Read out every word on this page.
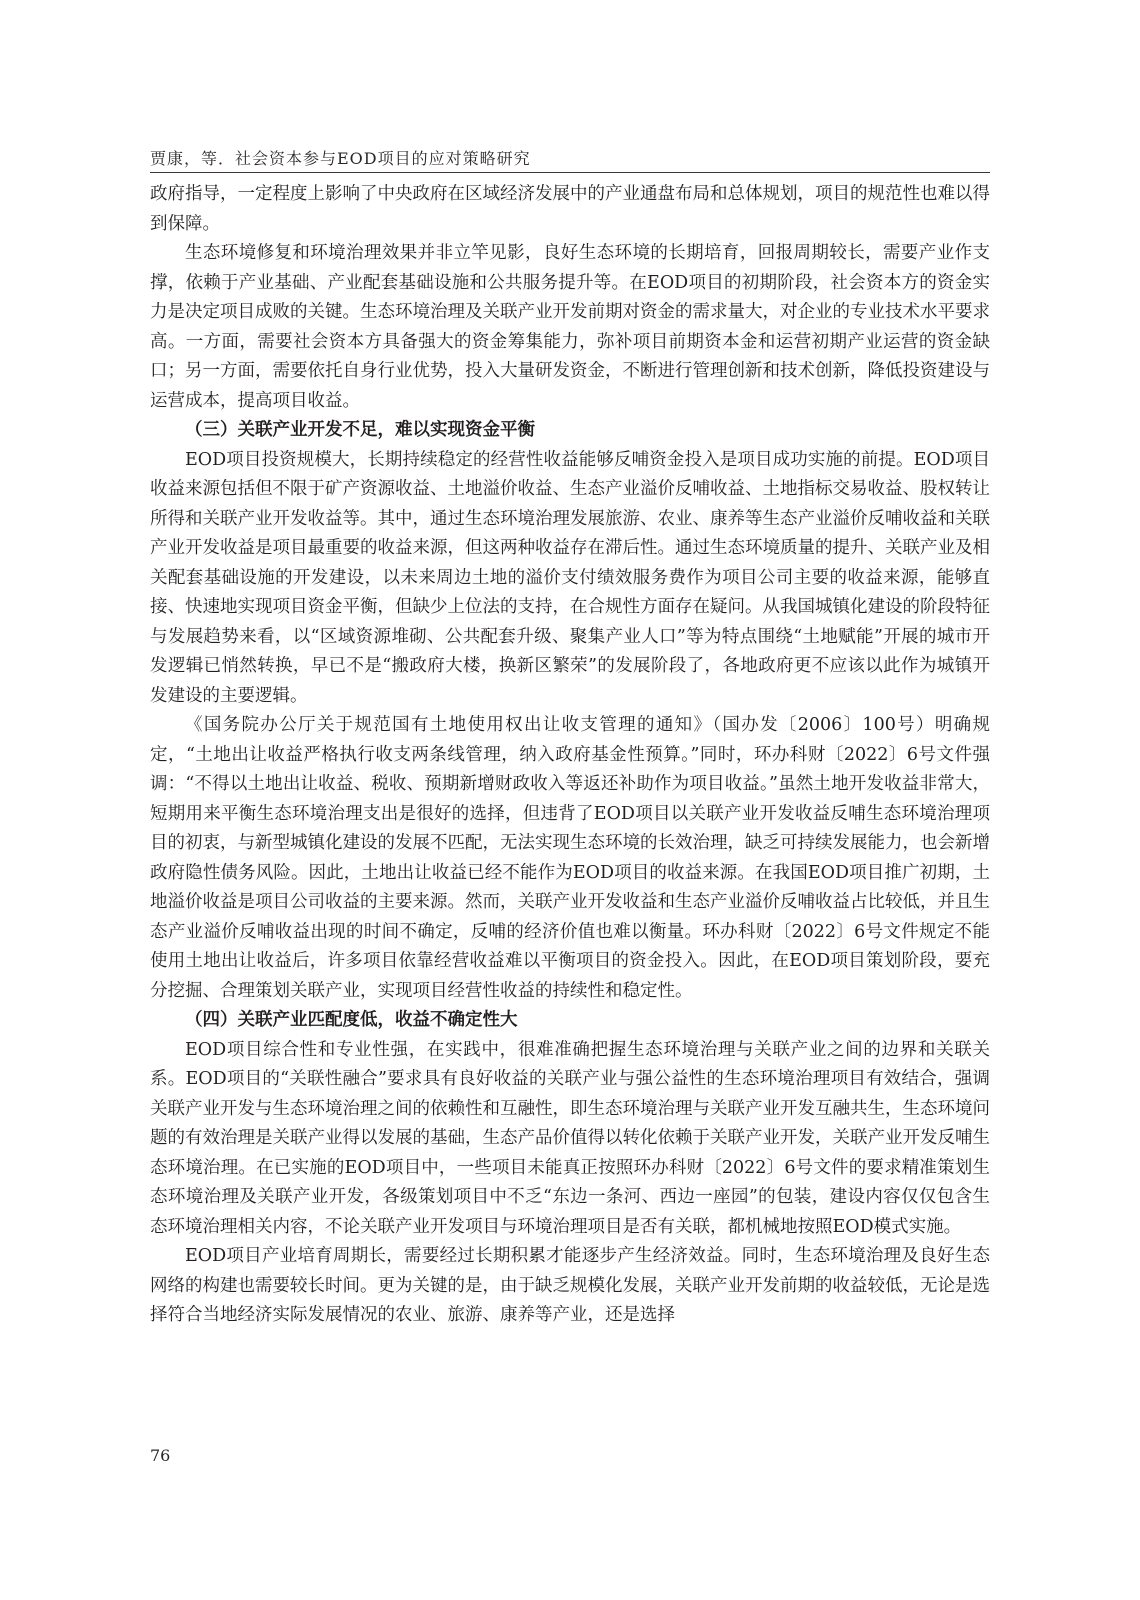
贾康，等．社会资本参与EOD项目的应对策略研究

政府指导，一定程度上影响了中央政府在区域经济发展中的产业通盘布局和总体规划，项目的规范性也难以得到保障。

生态环境修复和环境治理效果并非立竿见影，良好生态环境的长期培育，回报周期较长，需要产业作支撑，依赖于产业基础、产业配套基础设施和公共服务提升等。在EOD项目的初期阶段，社会资本方的资金实力是决定项目成败的关键。生态环境治理及关联产业开发前期对资金的需求量大，对企业的专业技术水平要求高。一方面，需要社会资本方具备强大的资金筹集能力，弥补项目前期资本金和运营初期产业运营的资金缺口；另一方面，需要依托自身行业优势，投入大量研发资金，不断进行管理创新和技术创新，降低投资建设与运营成本，提高项目收益。

（三）关联产业开发不足，难以实现资金平衡

EOD项目投资规模大，长期持续稳定的经营性收益能够反哺资金投入是项目成功实施的前提。EOD项目收益来源包括但不限于矿产资源收益、土地溢价收益、生态产业溢价反哺收益、土地指标交易收益、股权转让所得和关联产业开发收益等。其中，通过生态环境治理发展旅游、农业、康养等生态产业溢价反哺收益和关联产业开发收益是项目最重要的收益来源，但这两种收益存在滞后性。通过生态环境质量的提升、关联产业及相关配套基础设施的开发建设，以未来周边土地的溢价支付绩效服务费作为项目公司主要的收益来源，能够直接、快速地实现项目资金平衡，但缺少上位法的支持，在合规性方面存在疑问。从我国城镇化建设的阶段特征与发展趋势来看，以“区域资源堆砌、公共配套升级、聚集产业人口”等为特点围绕“土地赋能”开展的城市开发逻辑已悄然转换，早已不是“搬政府大楼，换新区繁荣”的发展阶段了，各地政府更不应该以此作为城镇开发建设的主要逻辑。

《国务院办公厅关于规范国有土地使用权出让收支管理的通知》（国办发〔2006〕100号）明确规定，“土地出让收益严格执行收支两条线管理，纳入政府基金性预算。”同时，环办科财〔2022〕6号文件强调：“不得以土地出让收益、税收、预期新增财政收入等返还补助作为项目收益。”虽然土地开发收益非常大，短期用来平衡生态环境治理支出是很好的选择，但违背了EOD项目以关联产业开发收益反哺生态环境治理项目的初衷，与新型城镇化建设的发展不匹配，无法实现生态环境的长效治理，缺乏可持续发展能力，也会新增政府隐性债务风险。因此，土地出让收益已经不能作为EOD项目的收益来源。在我国EOD项目推广初期，土地溢价收益是项目公司收益的主要来源。然而，关联产业开发收益和生态产业溢价反哺收益占比较低，并且生态产业溢价反哺收益出现的时间不确定，反哺的经济价值也难以衡量。环办科财〔2022〕6号文件规定不能使用土地出让收益后，许多项目依靠经营收益难以平衡项目的资金投入。因此，在EOD项目策划阶段，要充分挖掘、合理策划关联产业，实现项目经营性收益的持续性和稳定性。

（四）关联产业匹配度低，收益不确定性大

EOD项目综合性和专业性强，在实践中，很难准确把握生态环境治理与关联产业之间的边界和关联关系。EOD项目的“关联性融合”要求具有良好收益的关联产业与强公益性的生态环境治理项目有效结合，强调关联产业开发与生态环境治理之间的依赖性和互融性，即生态环境治理与关联产业开发互融共生，生态环境问题的有效治理是关联产业得以发展的基础，生态产品价值得以转化依赖于关联产业开发，关联产业开发反哺生态环境治理。在已实施的EOD项目中，一些项目未能真正按照环办科财〔2022〕6号文件的要求精准策划生态环境治理及关联产业开发，各级策划项目中不乏“东边一条河、西边一座园”的包装，建设内容仅仅包含生态环境治理相关内容，不论关联产业开发项目与环境治理项目是否有关联，都机械地按照EOD模式实施。

EOD项目产业培育周期长，需要经过长期积累才能逐步产生经济效益。同时，生态环境治理及良好生态网络的构建也需要较长时间。更为关键的是，由于缺乏规模化发展，关联产业开发前期的收益较低，无论是选择符合当地经济实际发展情况的农业、旅游、康养等产业，还是选择

76
